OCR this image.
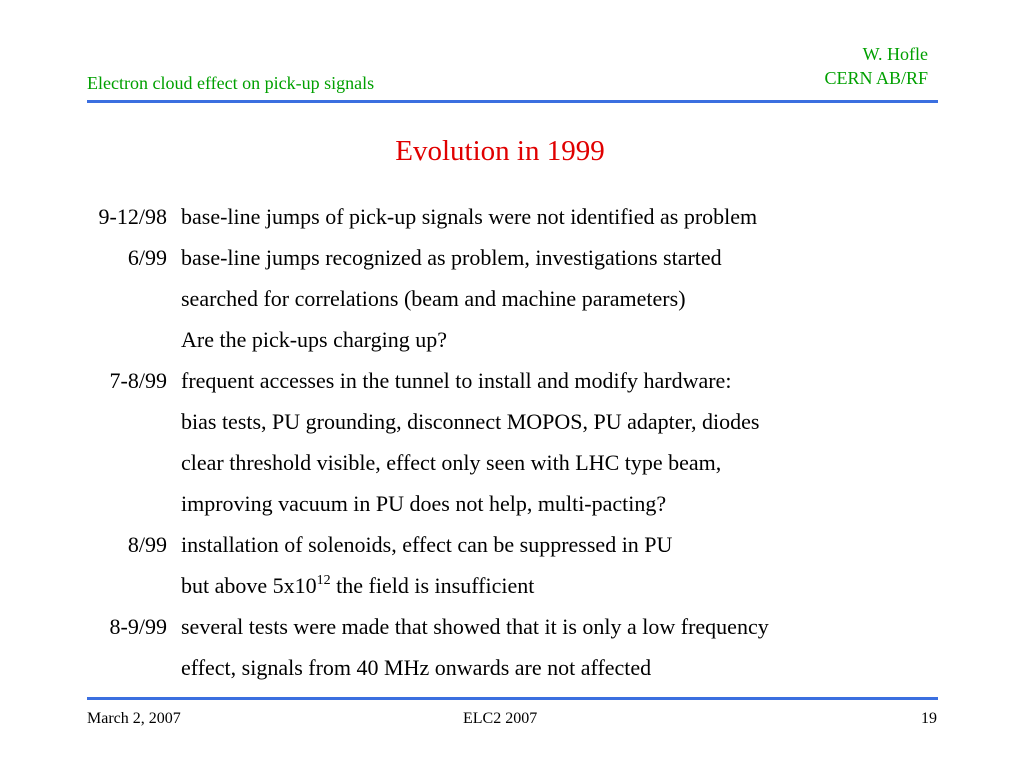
Electron cloud effect on pick-up signals
W. Hofle
CERN AB/RF
Evolution in 1999
9-12/98 base-line jumps of pick-up signals were not identified as problem
6/99 base-line jumps recognized as problem, investigations started
searched for correlations (beam and machine parameters)
Are the pick-ups charging up?
7-8/99 frequent accesses in the tunnel to install and modify hardware:
bias tests, PU grounding, disconnect MOPOS, PU adapter, diodes
clear threshold visible, effect only seen with LHC type beam,
improving vacuum in PU does not help, multi-pacting?
8/99 installation of solenoids, effect can be suppressed in PU
but above $5x10^{12}$ the field is insufficient
8-9/99 several tests were made that showed that it is only a low frequency
effect, signals from 40 MHz onwards are not affected
March 2, 2007	ELC2 2007	19
